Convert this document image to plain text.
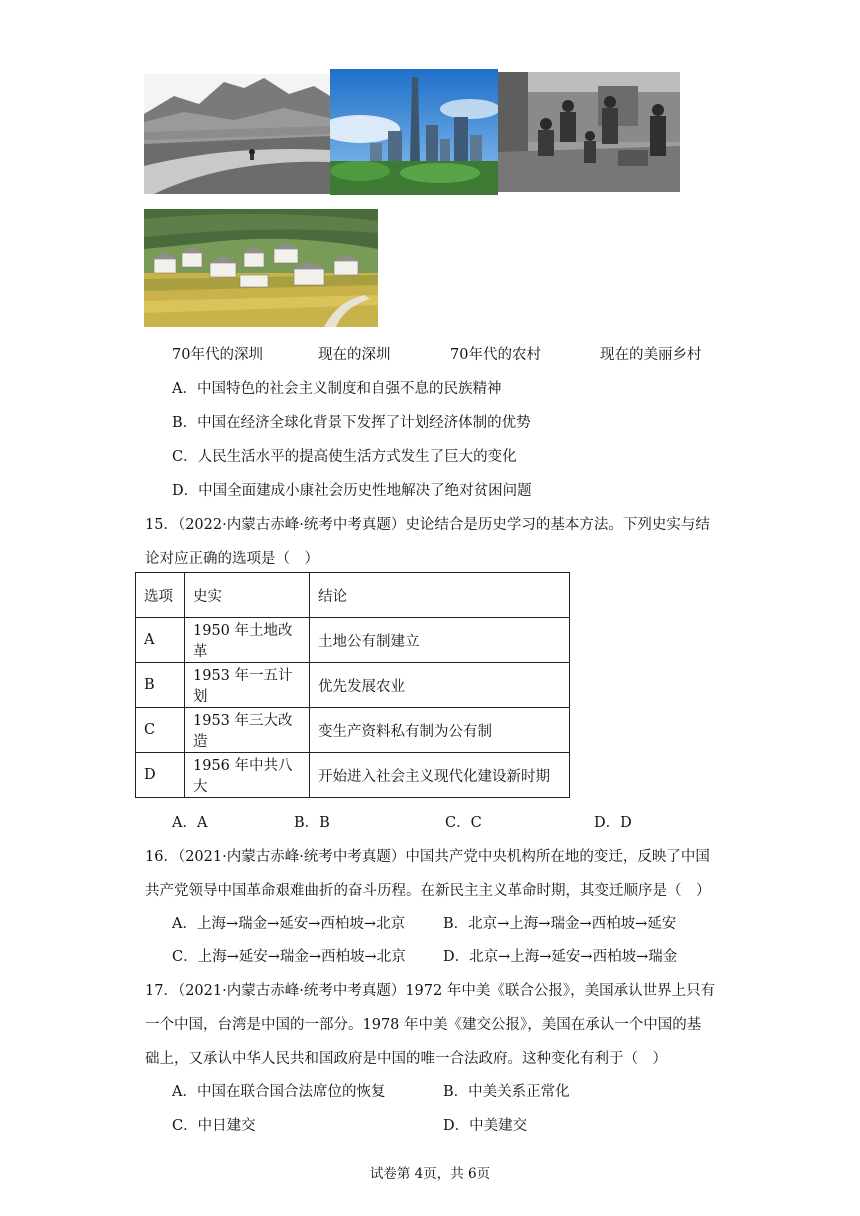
70年代的深圳	现在的深圳	70年代的农村	现在的美丽乡村
A．中国特色的社会主义制度和自强不息的民族精神
B．中国在经济全球化背景下发挥了计划经济体制的优势
C．人民生活水平的提高使生活方式发生了巨大的变化
D．中国全面建成小康社会历史性地解决了绝对贫困问题
15．（2022·内蒙古赤峰·统考中考真题）史论结合是历史学习的基本方法。下列史实与结
论对应正确的选项是（　）
选项	史实	结论
A	1950 年土地改革	土地公有制建立
B	1953 年一五计划	优先发展农业
C	1953 年三大改造	变生产资料私有制为公有制
D	1956 年中共八大	开始进入社会主义现代化建设新时期
A．A	B．B	C．C	D．D
16．（2021·内蒙古赤峰·统考中考真题）中国共产党中央机构所在地的变迁，反映了中国
共产党领导中国革命艰难曲折的奋斗历程。在新民主主义革命时期，其变迁顺序是（　）
A．上海→瑞金→延安→西柏坡→北京	B．北京→上海→瑞金→西柏坡→延安
C．上海→延安→瑞金→西柏坡→北京	D．北京→上海→延安→西柏坡→瑞金
17．（2021·内蒙古赤峰·统考中考真题）1972 年中美《联合公报》，美国承认世界上只有
一个中国，台湾是中国的一部分。1978 年中美《建交公报》，美国在承认一个中国的基
础上，又承认中华人民共和国政府是中国的唯一合法政府。这种变化有利于（　）
A．中国在联合国合法席位的恢复	B．中美关系正常化
C．中日建交	D．中美建交
试卷第 4页，共 6页
